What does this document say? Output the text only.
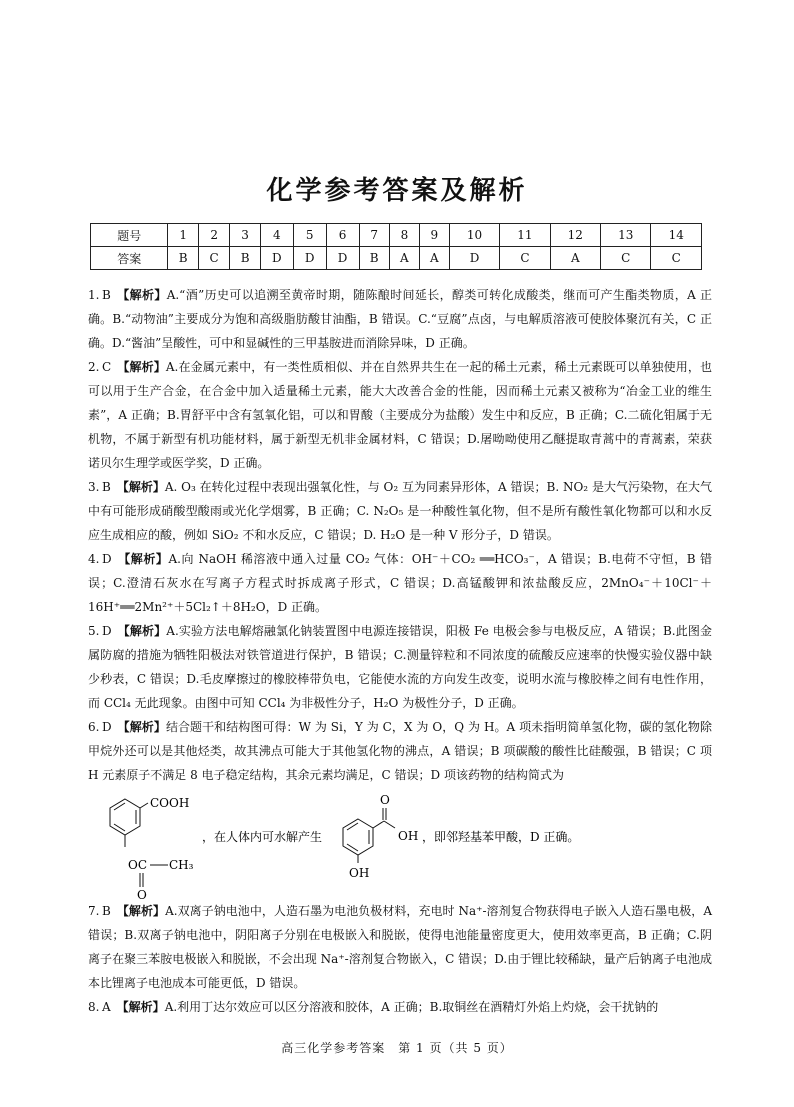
化学参考答案及解析
题号	1	2	3	4	5	6	7	8	9	10	11	12	13	14
答案	B	C	B	D	D	D	B	A	A	D	C	A	C	C
1. B 【解析】A.“酒”历史可以追溯至黄帝时期，随陈酿时间延长，醇类可转化成酸类，继而可产生酯类物质，A 正确。B.“动物油”主要成分为饱和高级脂肪酸甘油酯，B 错误。C.“豆腐”点卤，与电解质溶液可使胶体聚沉有关，C 正确。D.“酱油”呈酸性，可中和显碱性的三甲基胺进而消除异味，D 正确。
2. C 【解析】A.在金属元素中，有一类性质相似、并在自然界共生在一起的稀土元素，稀土元素既可以单独使用，也可以用于生产合金，在合金中加入适量稀土元素，能大大改善合金的性能，因而稀土元素又被称为“冶金工业的维生素”，A 正确；B.胃舒平中含有氢氧化铝，可以和胃酸（主要成分为盐酸）发生中和反应，B 正确；C.二硫化钼属于无机物，不属于新型有机功能材料，属于新型无机非金属材料，C 错误；D.屠呦呦使用乙醚提取青蒿中的青蒿素，荣获诺贝尔生理学或医学奖，D 正确。
3. B 【解析】A. O₃ 在转化过程中表现出强氧化性，与 O₂ 互为同素异形体，A 错误；B. NO₂ 是大气污染物，在大气中有可能形成硝酸型酸雨或光化学烟雾，B 正确；C. N₂O₅ 是一种酸性氧化物，但不是所有酸性氧化物都可以和水反应生成相应的酸，例如 SiO₂ 不和水反应，C 错误；D. H₂O 是一种 V 形分子，D 错误。
4. D 【解析】A.向 NaOH 稀溶液中通入过量 CO₂ 气体：OH⁻＋CO₂ ══HCO₃⁻，A 错误；B.电荷不守恒，B 错误；C.澄清石灰水在写离子方程式时拆成离子形式，C 错误；D.高锰酸钾和浓盐酸反应，2MnO₄⁻＋10Cl⁻＋16H⁺══2Mn²⁺＋5Cl₂↑＋8H₂O，D 正确。
5. D 【解析】A.实验方法电解熔融氯化钠装置图中电源连接错误，阳极 Fe 电极会参与电极反应，A 错误；B.此图金属防腐的措施为牺牲阳极法对铁管道进行保护，B 错误；C.测量锌粒和不同浓度的硫酸反应速率的快慢实验仪器中缺少秒表，C 错误；D.毛皮摩擦过的橡胶棒带负电，它能使水流的方向发生改变，说明水流与橡胶棒之间有电性作用，而 CCl₄ 无此现象。由图中可知 CCl₄ 为非极性分子，H₂O 为极性分子，D 正确。
6. D 【解析】结合题干和结构图可得：W 为 Si，Y 为 C，X 为 O，Q 为 H。A 项未指明简单氢化物，碳的氢化物除甲烷外还可以是其他烃类，故其沸点可能大于其他氢化物的沸点，A 错误；B 项碳酸的酸性比硅酸强，B 错误；C 项 H 元素原子不满足 8 电子稳定结构，其余元素均满足，C 错误；D 项该药物的结构简式为
COOH
OC CH₃
O
，在人体内可水解产生
O
OH
OH
，即邻羟基苯甲酸，D 正确。
7. B 【解析】A.双离子钠电池中，人造石墨为电池负极材料，充电时 Na⁺-溶剂复合物获得电子嵌入人造石墨电极，A 错误；B.双离子钠电池中，阴阳离子分别在电极嵌入和脱嵌，使得电池能量密度更大，使用效率更高，B 正确；C.阴离子在聚三苯胺电极嵌入和脱嵌，不会出现 Na⁺-溶剂复合物嵌入，C 错误；D.由于锂比较稀缺，量产后钠离子电池成本比锂离子电池成本可能更低，D 错误。
8. A 【解析】A.利用丁达尔效应可以区分溶液和胶体，A 正确；B.取铜丝在酒精灯外焰上灼烧，会干扰钠的
高三化学参考答案　第 1 页（共 5 页）
